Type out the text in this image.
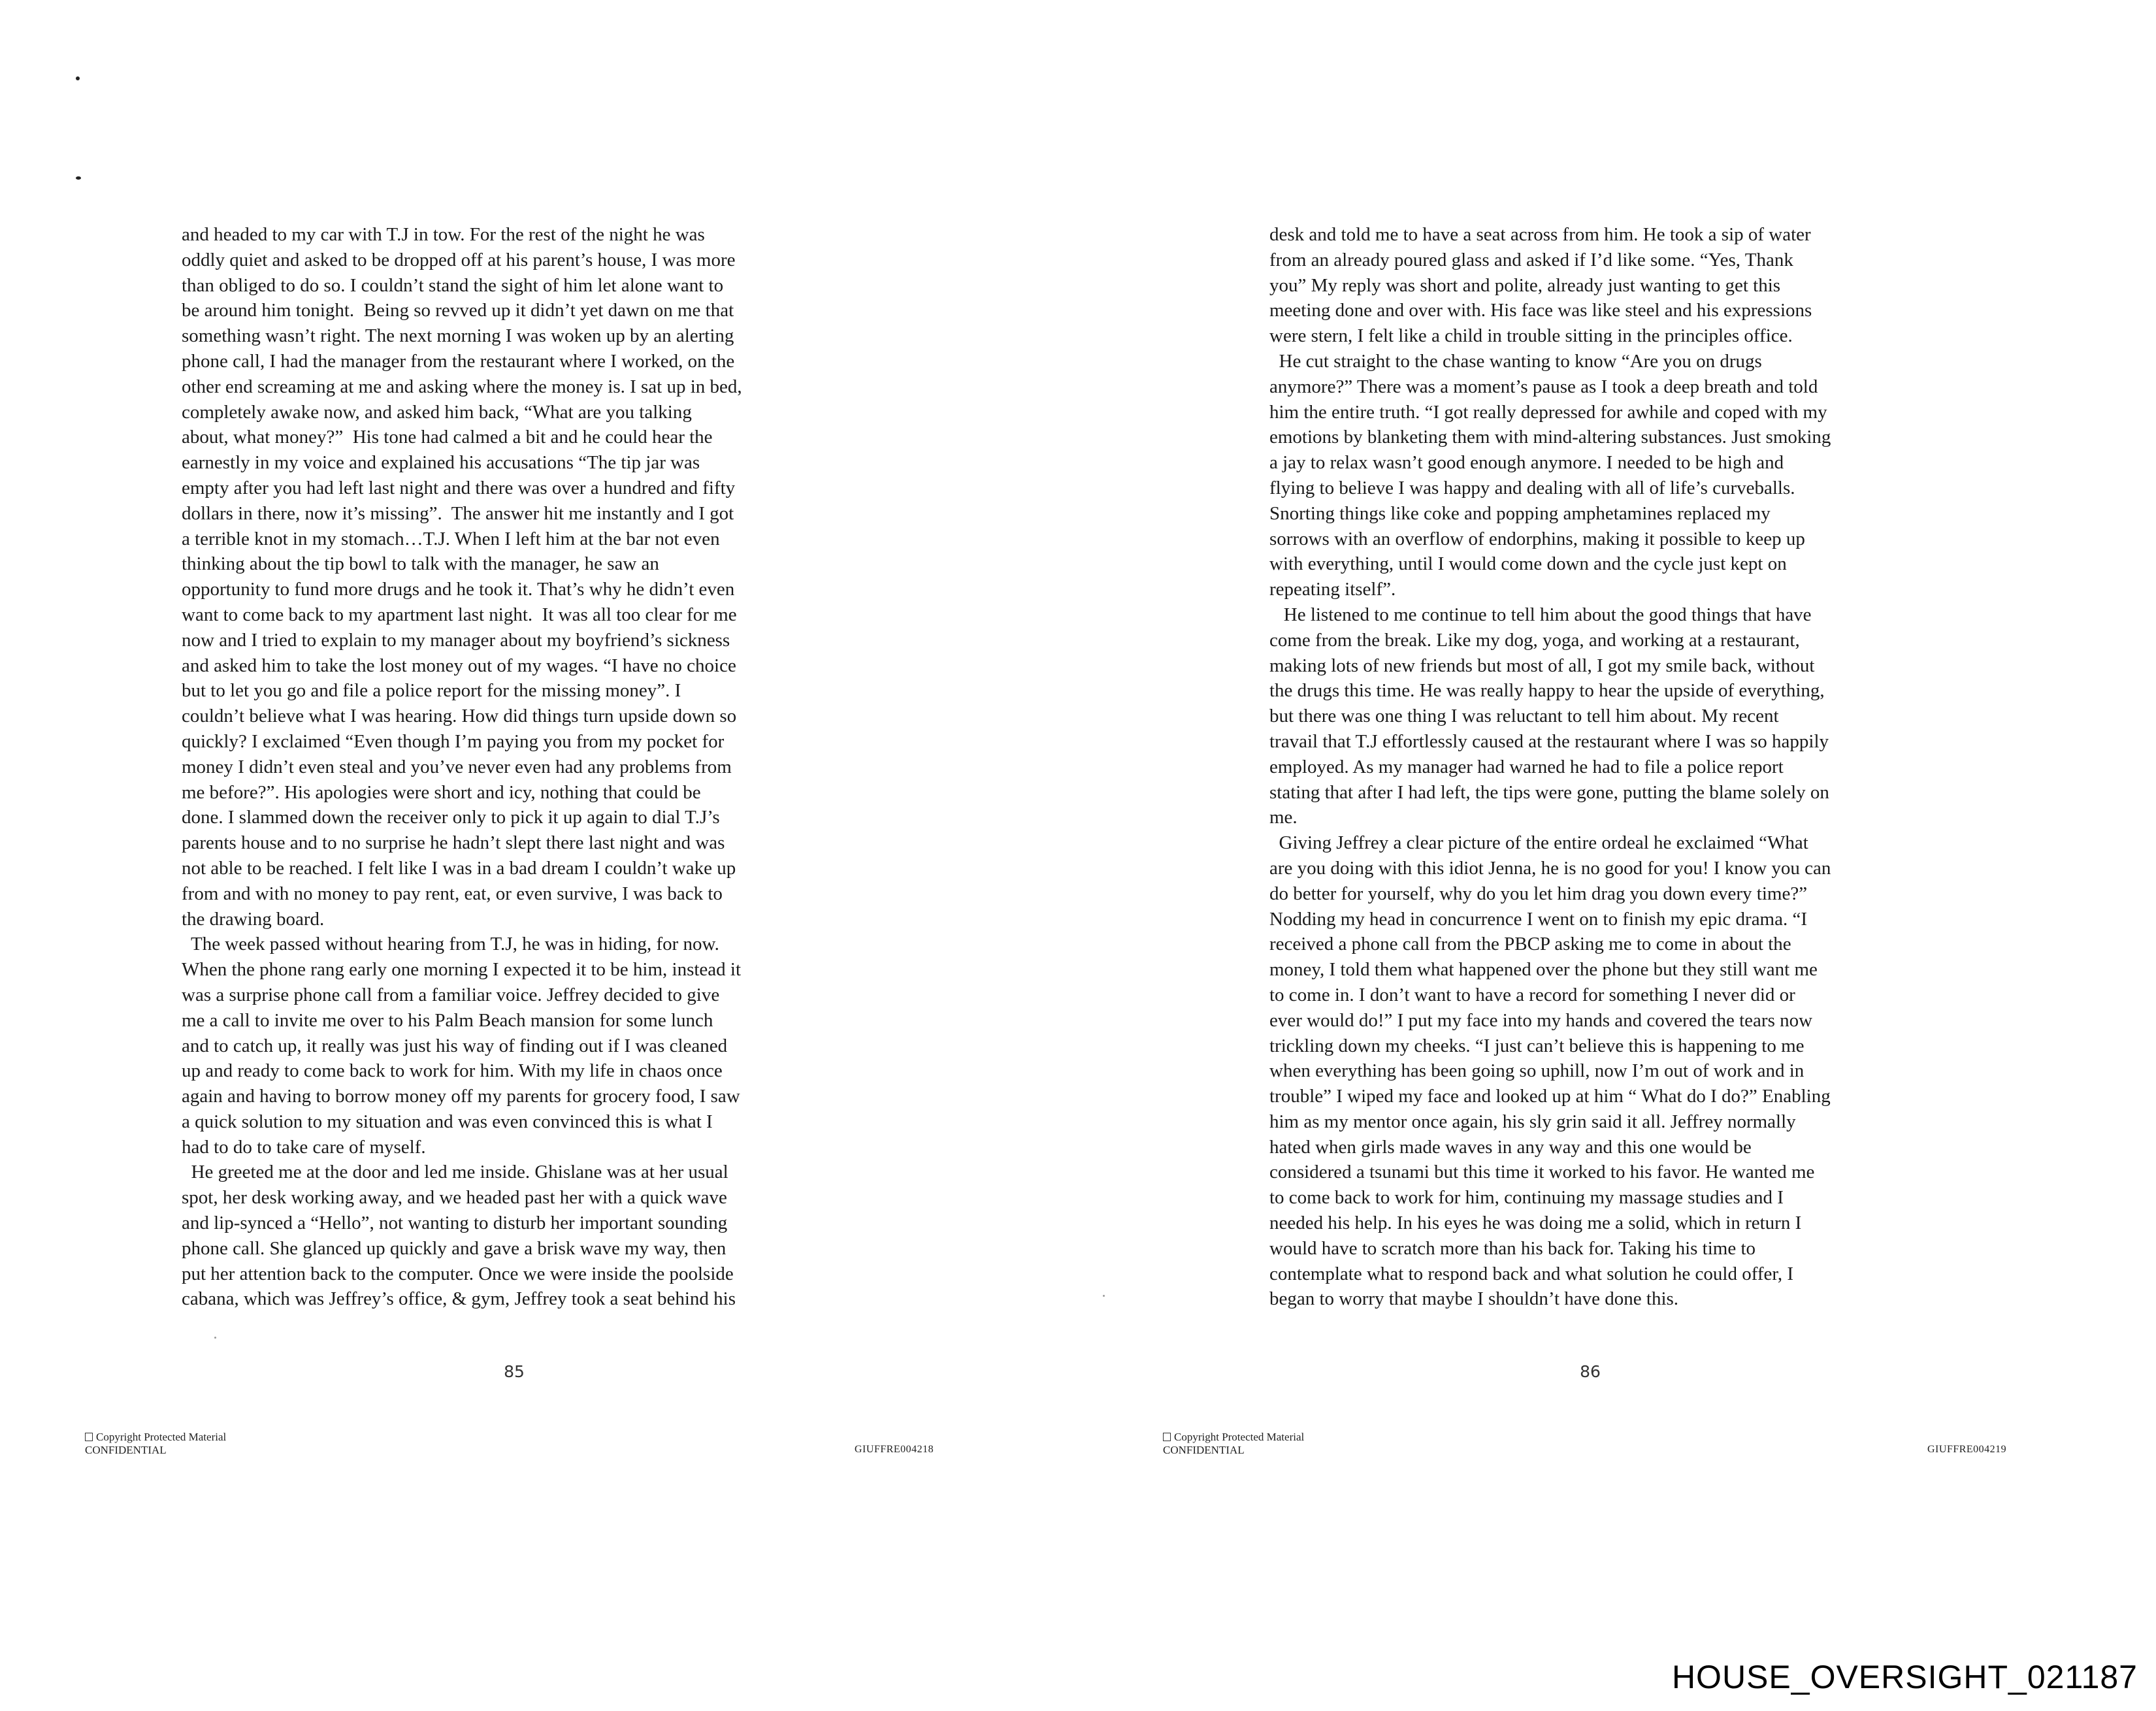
and headed to my car with T.J in tow. For the rest of the night he was
oddly quiet and asked to be dropped off at his parent’s house, I was more
than obliged to do so. I couldn’t stand the sight of him let alone want to
be around him tonight.  Being so revved up it didn’t yet dawn on me that
something wasn’t right. The next morning I was woken up by an alerting
phone call, I had the manager from the restaurant where I worked, on the
other end screaming at me and asking where the money is. I sat up in bed,
completely awake now, and asked him back, “What are you talking
about, what money?”  His tone had calmed a bit and he could hear the
earnestly in my voice and explained his accusations “The tip jar was
empty after you had left last night and there was over a hundred and fifty
dollars in there, now it’s missing”.  The answer hit me instantly and I got
a terrible knot in my stomach…T.J. When I left him at the bar not even
thinking about the tip bowl to talk with the manager, he saw an
opportunity to fund more drugs and he took it. That’s why he didn’t even
want to come back to my apartment last night.  It was all too clear for me
now and I tried to explain to my manager about my boyfriend’s sickness
and asked him to take the lost money out of my wages. “I have no choice
but to let you go and file a police report for the missing money”. I
couldn’t believe what I was hearing. How did things turn upside down so
quickly? I exclaimed “Even though I’m paying you from my pocket for
money I didn’t even steal and you’ve never even had any problems from
me before?”. His apologies were short and icy, nothing that could be
done. I slammed down the receiver only to pick it up again to dial T.J’s
parents house and to no surprise he hadn’t slept there last night and was
not able to be reached. I felt like I was in a bad dream I couldn’t wake up
from and with no money to pay rent, eat, or even survive, I was back to
the drawing board.
The week passed without hearing from T.J, he was in hiding, for now.
When the phone rang early one morning I expected it to be him, instead it
was a surprise phone call from a familiar voice. Jeffrey decided to give
me a call to invite me over to his Palm Beach mansion for some lunch
and to catch up, it really was just his way of finding out if I was cleaned
up and ready to come back to work for him. With my life in chaos once
again and having to borrow money off my parents for grocery food, I saw
a quick solution to my situation and was even convinced this is what I
had to do to take care of myself.
He greeted me at the door and led me inside. Ghislane was at her usual
spot, her desk working away, and we headed past her with a quick wave
and lip-synced a “Hello”, not wanting to disturb her important sounding
phone call. She glanced up quickly and gave a brisk wave my way, then
put her attention back to the computer. Once we were inside the poolside
cabana, which was Jeffrey’s office, & gym, Jeffrey took a seat behind his
85
Copyright Protected Material
CONFIDENTIAL	GIUFFRE004218
desk and told me to have a seat across from him. He took a sip of water
from an already poured glass and asked if I’d like some. “Yes, Thank
you” My reply was short and polite, already just wanting to get this
meeting done and over with. His face was like steel and his expressions
were stern, I felt like a child in trouble sitting in the principles office.
He cut straight to the chase wanting to know “Are you on drugs
anymore?” There was a moment’s pause as I took a deep breath and told
him the entire truth. “I got really depressed for awhile and coped with my
emotions by blanketing them with mind-altering substances. Just smoking
a jay to relax wasn’t good enough anymore. I needed to be high and
flying to believe I was happy and dealing with all of life’s curveballs.
Snorting things like coke and popping amphetamines replaced my
sorrows with an overflow of endorphins, making it possible to keep up
with everything, until I would come down and the cycle just kept on
repeating itself”.
He listened to me continue to tell him about the good things that have
come from the break. Like my dog, yoga, and working at a restaurant,
making lots of new friends but most of all, I got my smile back, without
the drugs this time. He was really happy to hear the upside of everything,
but there was one thing I was reluctant to tell him about. My recent
travail that T.J effortlessly caused at the restaurant where I was so happily
employed. As my manager had warned he had to file a police report
stating that after I had left, the tips were gone, putting the blame solely on
me.
Giving Jeffrey a clear picture of the entire ordeal he exclaimed “What
are you doing with this idiot Jenna, he is no good for you! I know you can
do better for yourself, why do you let him drag you down every time?”
Nodding my head in concurrence I went on to finish my epic drama. “I
received a phone call from the PBCP asking me to come in about the
money, I told them what happened over the phone but they still want me
to come in. I don’t want to have a record for something I never did or
ever would do!” I put my face into my hands and covered the tears now
trickling down my cheeks. “I just can’t believe this is happening to me
when everything has been going so uphill, now I’m out of work and in
trouble” I wiped my face and looked up at him “ What do I do?” Enabling
him as my mentor once again, his sly grin said it all. Jeffrey normally
hated when girls made waves in any way and this one would be
considered a tsunami but this time it worked to his favor. He wanted me
to come back to work for him, continuing my massage studies and I
needed his help. In his eyes he was doing me a solid, which in return I
would have to scratch more than his back for. Taking his time to
contemplate what to respond back and what solution he could offer, I
began to worry that maybe I shouldn’t have done this.
86
Copyright Protected Material
CONFIDENTIAL	GIUFFRE004219
HOUSE_OVERSIGHT_021187
